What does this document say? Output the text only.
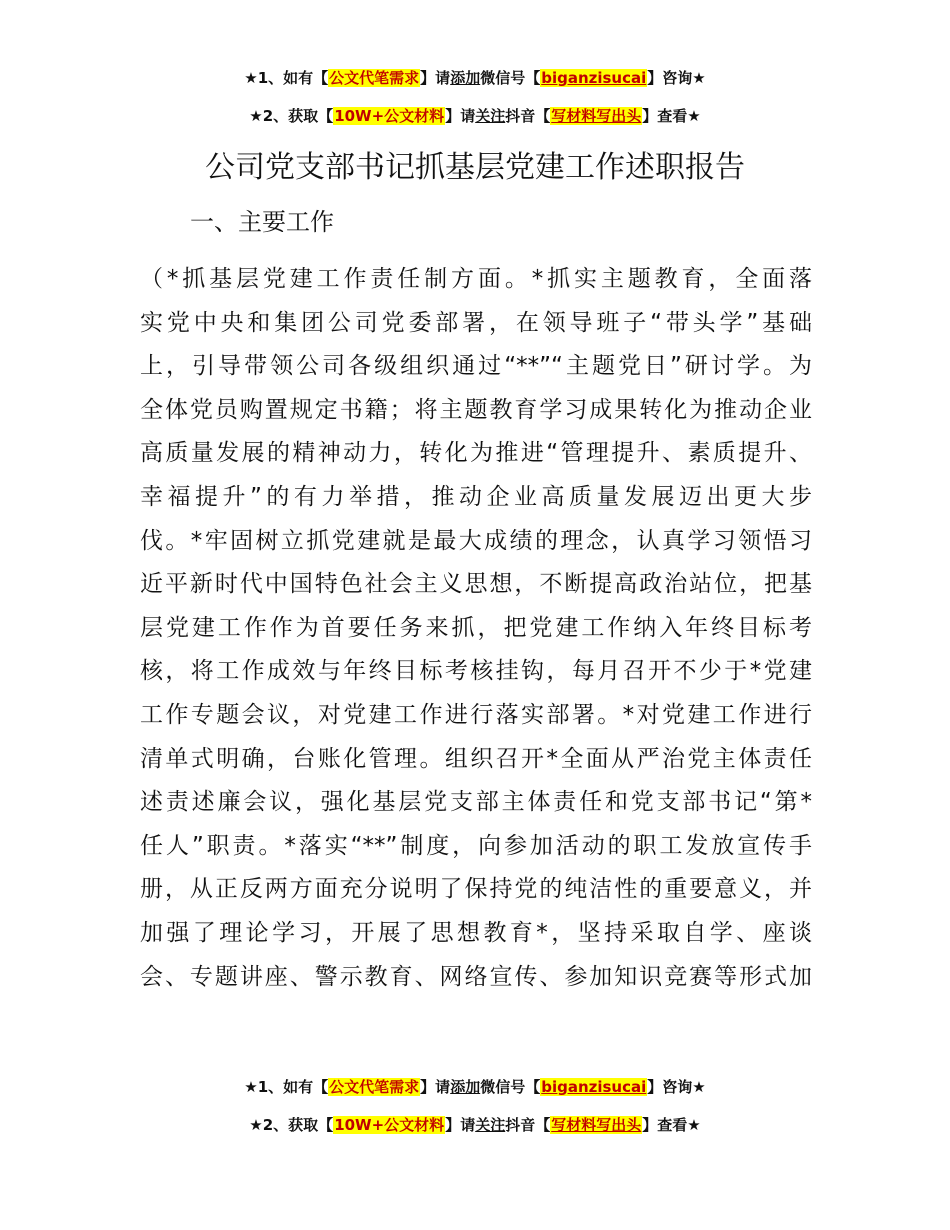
★1、如有【公文代笔需求】请添加微信号【biganzisucai】咨询★
★2、获取【10W+公文材料】请关注抖音【写材料写出头】查看★
公司党支部书记抓基层党建工作述职报告
一、主要工作
（*抓基层党建工作责任制方面。*抓实主题教育，全面落
实党中央和集团公司党委部署，在领导班子“带头学”基础
上，引导带领公司各级组织通过“**”“主题党日”研讨学。为
全体党员购置规定书籍；将主题教育学习成果转化为推动企业
高质量发展的精神动力，转化为推进“管理提升、素质提升、
幸福提升”的有力举措，推动企业高质量发展迈出更大步
伐。*牢固树立抓党建就是最大成绩的理念，认真学习领悟习
近平新时代中国特色社会主义思想，不断提高政治站位，把基
层党建工作作为首要任务来抓，把党建工作纳入年终目标考
核，将工作成效与年终目标考核挂钩，每月召开不少于*党建
工作专题会议，对党建工作进行落实部署。*对党建工作进行
清单式明确，台账化管理。组织召开*全面从严治党主体责任
述责述廉会议，强化基层党支部主体责任和党支部书记“第*
任人”职责。*落实“**”制度，向参加活动的职工发放宣传手
册，从正反两方面充分说明了保持党的纯洁性的重要意义，并
加强了理论学习，开展了思想教育*，坚持采取自学、座谈
会、专题讲座、警示教育、网络宣传、参加知识竞赛等形式加
★1、如有【公文代笔需求】请添加微信号【biganzisucai】咨询★
★2、获取【10W+公文材料】请关注抖音【写材料写出头】查看★
